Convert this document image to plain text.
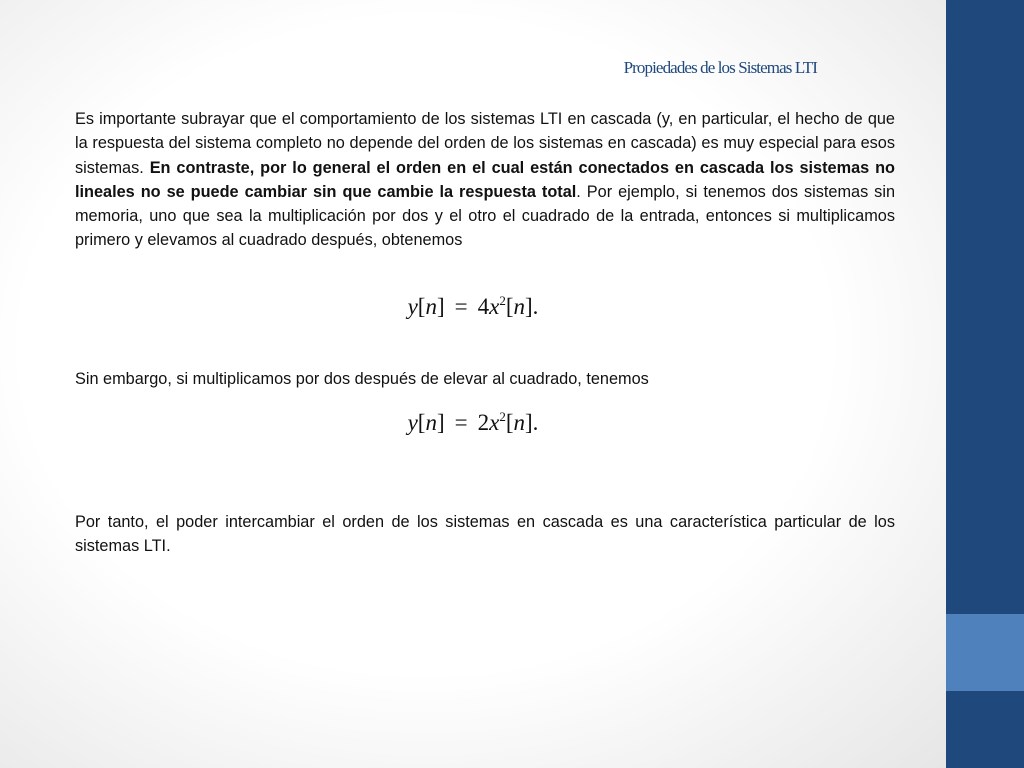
Propiedades de los Sistemas LTI

Es importante subrayar que el comportamiento de los sistemas LTI en cascada (y, en particular, el hecho de que la respuesta del sistema completo no depende del orden de los sistemas en cascada) es muy especial para esos sistemas. En contraste, por lo general el orden en el cual están conectados en cascada los sistemas no lineales no se puede cambiar sin que cambie la respuesta total. Por ejemplo, si tenemos dos sistemas sin memoria, uno que sea la multiplicación por dos y el otro el cuadrado de la entrada, entonces si multiplicamos primero y elevamos al cuadrado después, obtenemos

$y[n] = 4x^2[n]$.

Sin embargo, si multiplicamos por dos después de elevar al cuadrado, tenemos

$y[n] = 2x^2[n]$.

Por tanto, el poder intercambiar el orden de los sistemas en cascada es una característica particular de los sistemas LTI.
